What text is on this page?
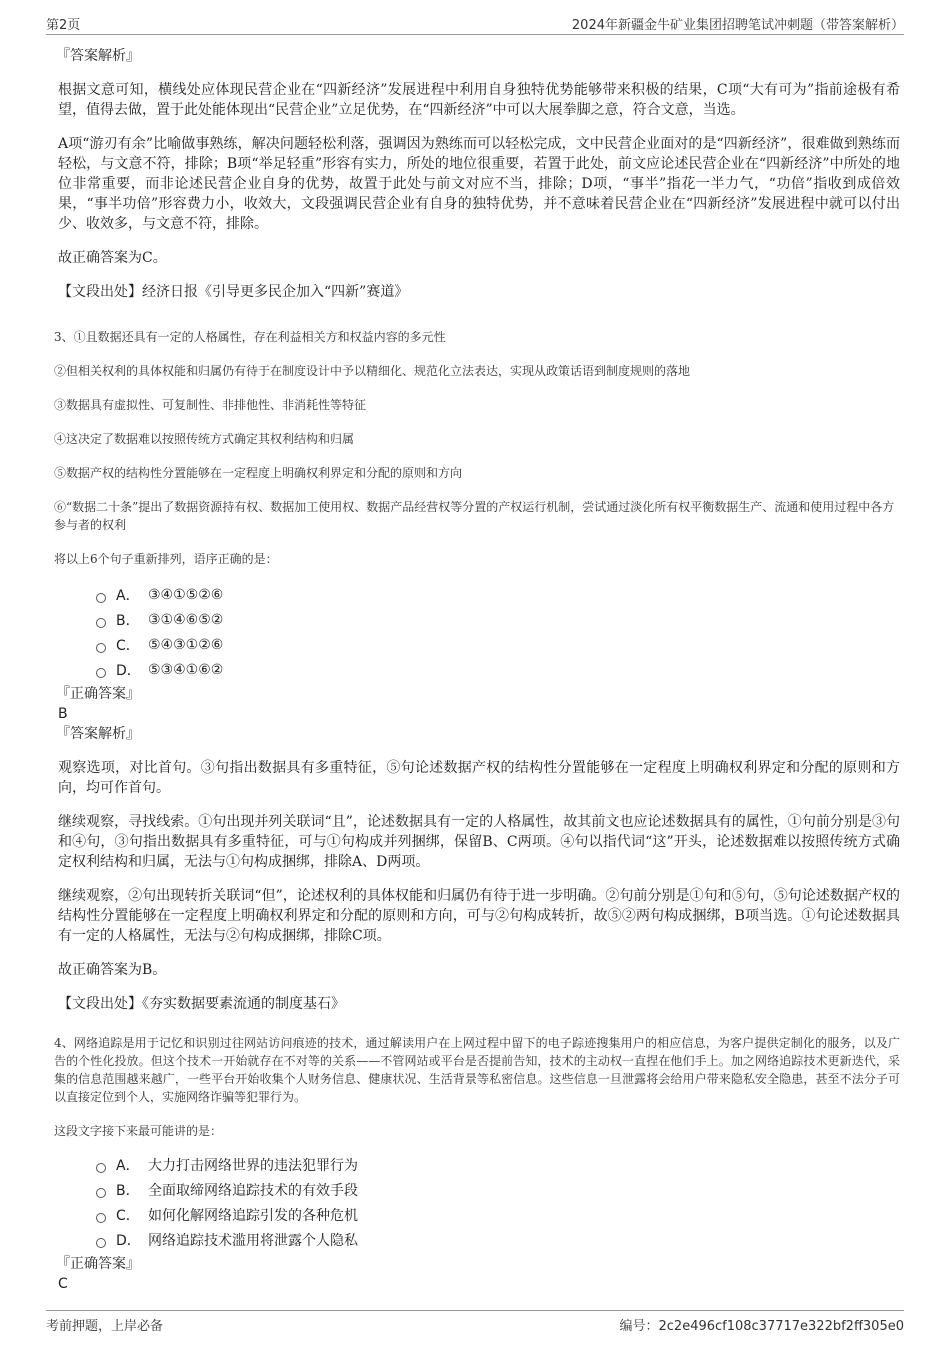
第2页	2024年新疆金牛矿业集团招聘笔试冲刺题（带答案解析）

『答案解析』

根据文意可知，横线处应体现民营企业在“四新经济”发展进程中利用自身独特优势能够带来积极的结果，C项“大有可为”指前途极有希望，值得去做，置于此处能体现出“民营企业”立足优势，在“四新经济”中可以大展拳脚之意，符合文意，当选。

A项“游刃有余”比喻做事熟练，解决问题轻松利落，强调因为熟练而可以轻松完成，文中民营企业面对的是“四新经济”，很难做到熟练而轻松，与文意不符，排除；B项“举足轻重”形容有实力，所处的地位很重要，若置于此处，前文应论述民营企业在“四新经济”中所处的地位非常重要，而非论述民营企业自身的优势，故置于此处与前文对应不当，排除；D项，“事半”指花一半力气，“功倍”指收到成倍效果，“事半功倍”形容费力小，收效大，文段强调民营企业有自身的独特优势，并不意味着民营企业在“四新经济”发展进程中就可以付出少、收效多，与文意不符，排除。

故正确答案为C。

【文段出处】经济日报《引导更多民企加入“四新”赛道》

3、①且数据还具有一定的人格属性，存在利益相关方和权益内容的多元性

②但相关权利的具体权能和归属仍有待于在制度设计中予以精细化、规范化立法表达，实现从政策话语到制度规则的落地

③数据具有虚拟性、可复制性、非排他性、非消耗性等特征

④这决定了数据难以按照传统方式确定其权利结构和归属

⑤数据产权的结构性分置能够在一定程度上明确权利界定和分配的原则和方向

⑥“数据二十条”提出了数据资源持有权、数据加工使用权、数据产品经营权等分置的产权运行机制，尝试通过淡化所有权平衡数据生产、流通和使用过程中各方参与者的权利

将以上6个句子重新排列，语序正确的是：

A． ③④①⑤②⑥
B． ③①④⑥⑤②
C． ⑤④③①②⑥
D． ⑤③④①⑥②

『正确答案』

B

『答案解析』

观察选项，对比首句。③句指出数据具有多重特征，⑤句论述数据产权的结构性分置能够在一定程度上明确权利界定和分配的原则和方向，均可作首句。

继续观察，寻找线索。①句出现并列关联词“且”，论述数据具有一定的人格属性，故其前文也应论述数据具有的属性，①句前分别是③句和④句，③句指出数据具有多重特征，可与①句构成并列捆绑，保留B、C两项。④句以指代词“这”开头，论述数据难以按照传统方式确定权利结构和归属，无法与①句构成捆绑，排除A、D两项。

继续观察，②句出现转折关联词“但”，论述权利的具体权能和归属仍有待于进一步明确。②句前分别是①句和⑤句，⑤句论述数据产权的结构性分置能够在一定程度上明确权利界定和分配的原则和方向，可与②句构成转折，故⑤②两句构成捆绑，B项当选。①句论述数据具有一定的人格属性，无法与②句构成捆绑，排除C项。

故正确答案为B。

【文段出处】《夯实数据要素流通的制度基石》

4、网络追踪是用于记忆和识别过往网站访问痕迹的技术，通过解读用户在上网过程中留下的电子踪迹搜集用户的相应信息，为客户提供定制化的服务，以及广告的个性化投放。但这个技术一开始就存在不对等的关系——不管网站或平台是否提前告知，技术的主动权一直捏在他们手上。加之网络追踪技术更新迭代，采集的信息范围越来越广，一些平台开始收集个人财务信息、健康状况、生活背景等私密信息。这些信息一旦泄露将会给用户带来隐私安全隐患，甚至不法分子可以直接定位到个人，实施网络诈骗等犯罪行为。

这段文字接下来最可能讲的是：

A． 大力打击网络世界的违法犯罪行为
B． 全面取缔网络追踪技术的有效手段
C． 如何化解网络追踪引发的各种危机
D． 网络追踪技术滥用将泄露个人隐私

『正确答案』

C

考前押题，上岸必备	编号：2c2e496cf108c37717e322bf2ff305e0
